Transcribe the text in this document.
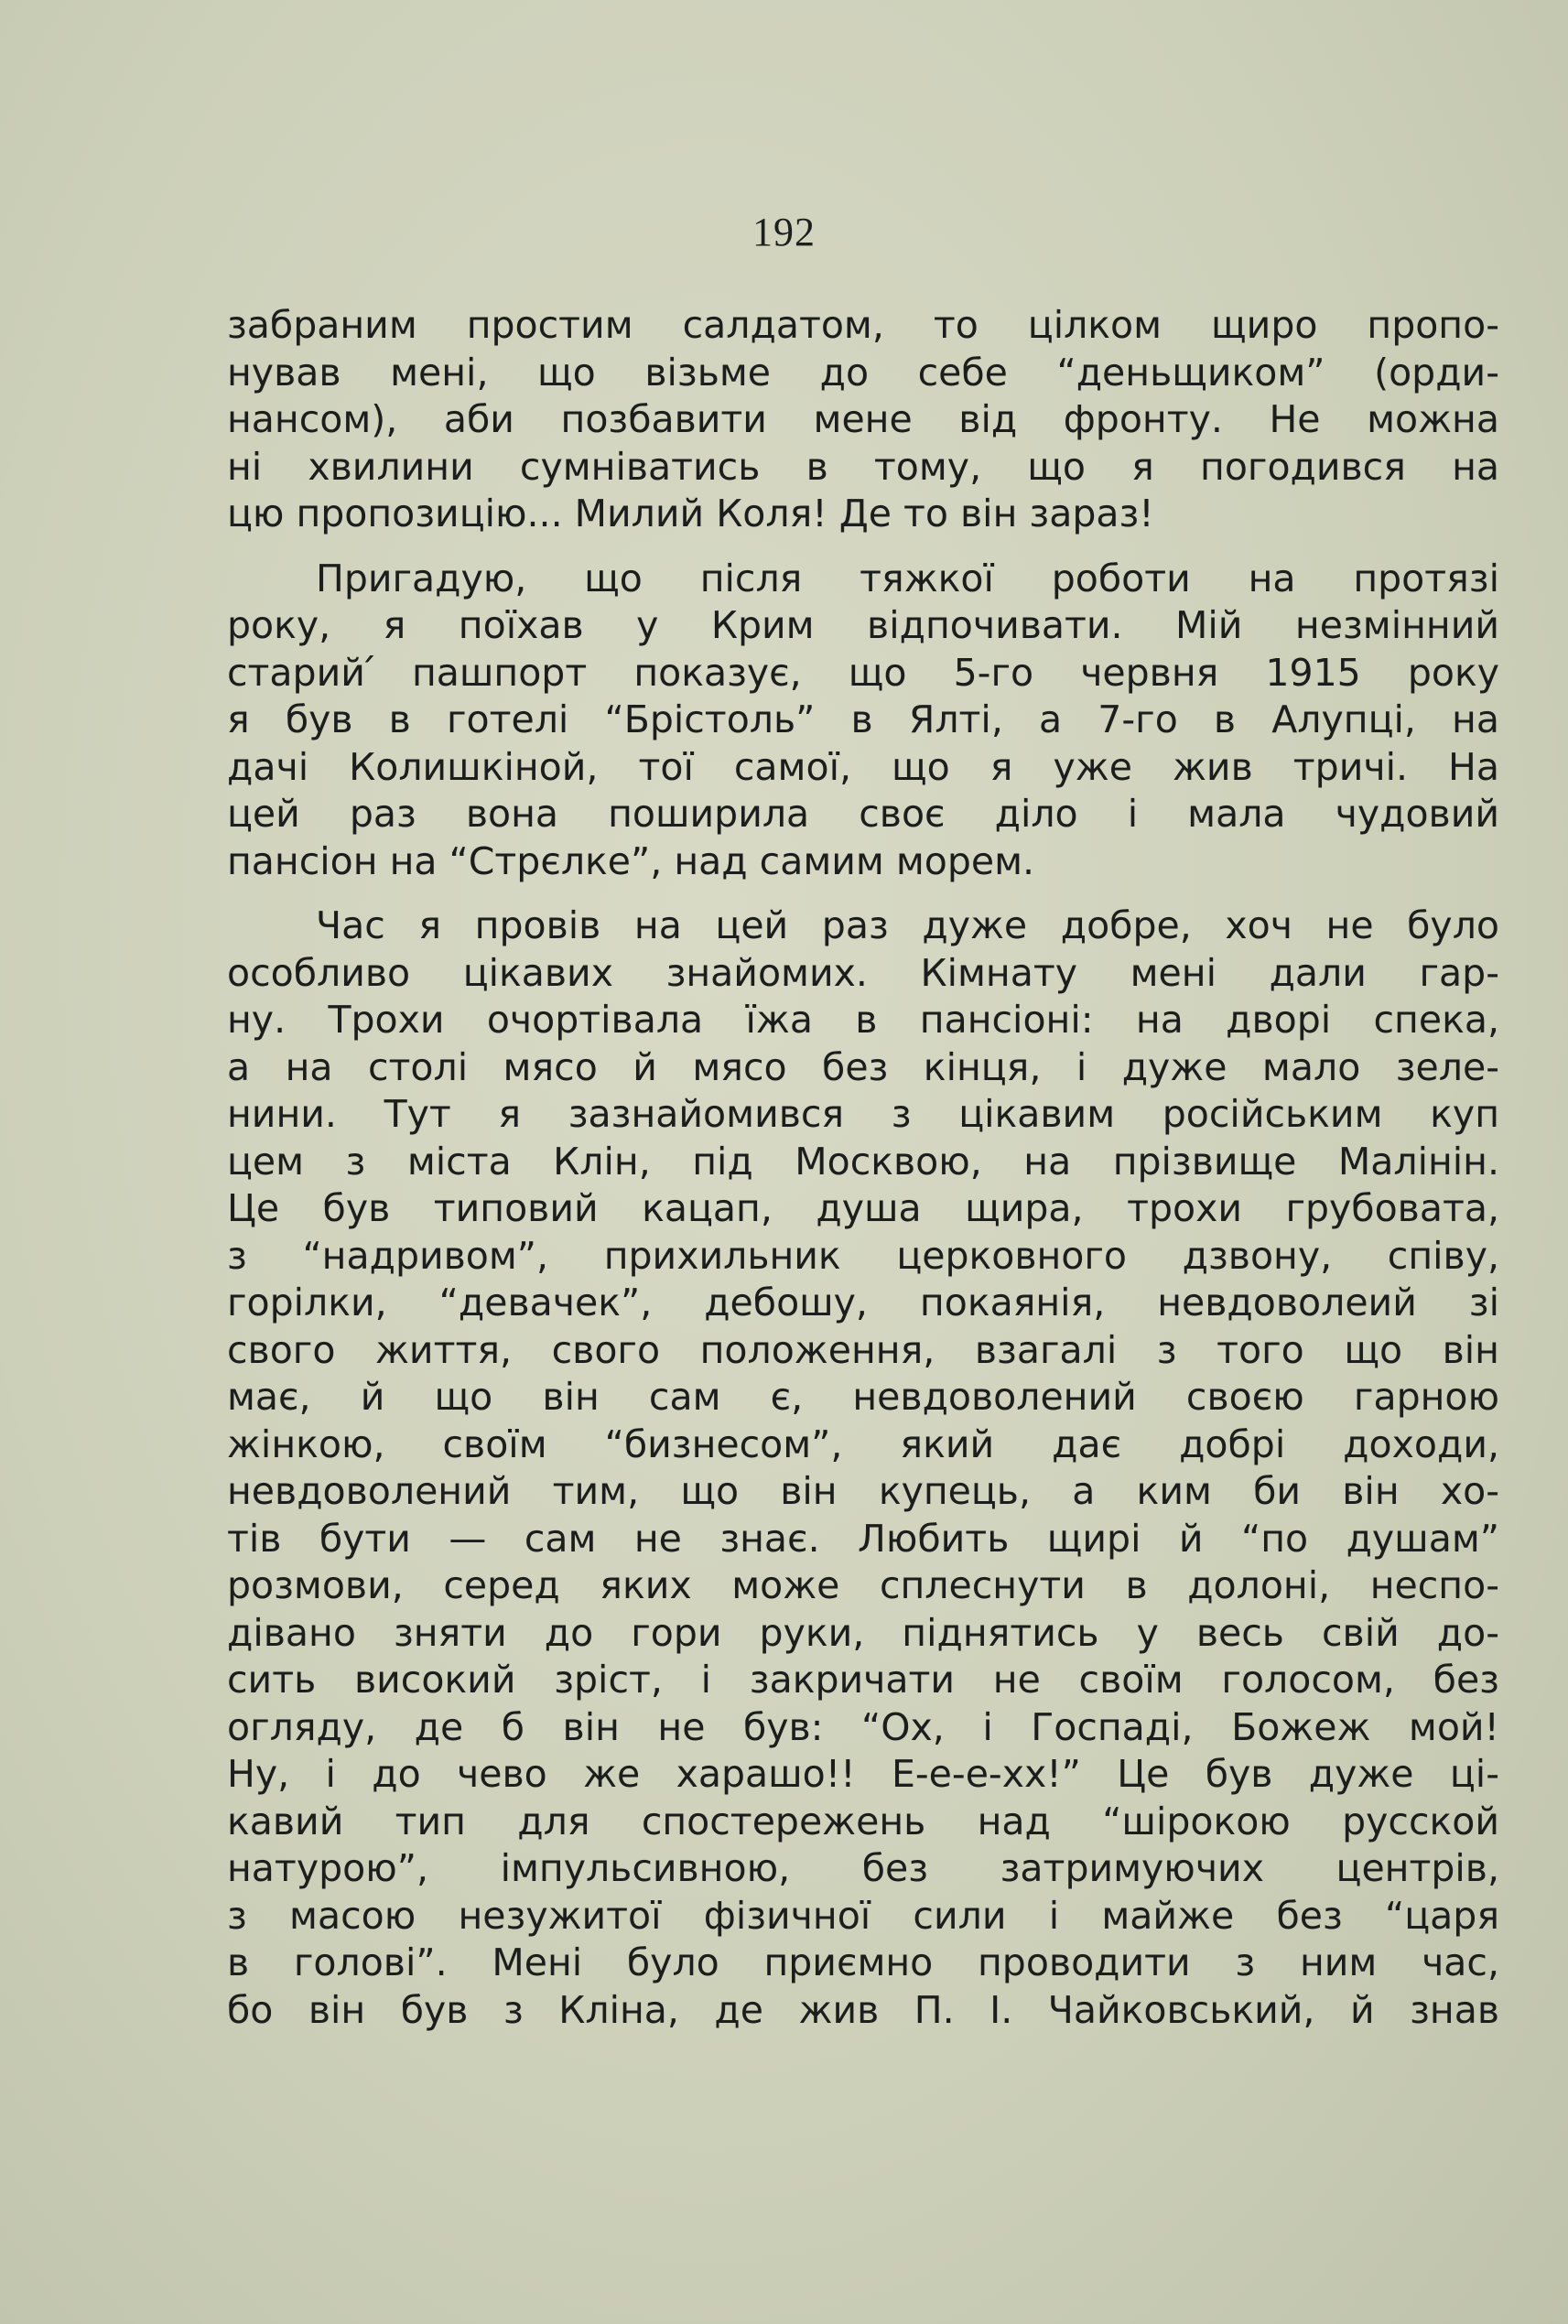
192
забраним простим салдатом, то цілком щиро пропо-
нував мені, що візьме до себе “деньщиком” (орди-
нансом), аби позбавити мене від фронту. Не можна
ні хвилини сумніватись в тому, що я погодився на
цю пропозицію... Милий Коля! Де то він зараз!
Пригадую, що після тяжкої роботи на протязі
року, я поїхав у Крим відпочивати. Мій незмінний
старий ́пашпорт показує, що 5-го червня 1915 року
я був в готелі “Брістоль” в Ялті, а 7-го в Алупці, на
дачі Колишкіной, тої самої, що я уже жив тричі. На
цей раз вона поширила своє діло і мала чудовий
пансіон на “Стрєлке”, над самим морем.
Час я провів на цей раз дуже добре, хоч не було
особливо цікавих знайомих. Кімнату мені дали гар-
ну. Трохи очортівала їжа в пансіоні: на дворі спека,
а на столі мясо й мясо без кінця, і дуже мало зеле-
нини. Тут я зазнайомився з цікавим російським куп
цем з міста Клін, під Москвою, на прізвище Малінін.
Це був типовий кацап, душа щира, трохи грубовата,
з “надривом”, прихильник церковного дзвону, співу,
горілки, “девачек”, дебошу, покаянія, невдоволеий зі
свого життя, свого положення, взагалі з того що він
має, й що він сам є, невдоволений своєю гарною
жінкою, своїм “бизнесом”, який дає добрі доходи,
невдоволений тим, що він купець, а ким би він хо-
тів бути — сам не знає. Любить щирі й “по душам”
розмови, серед яких може сплеснути в долоні, неспо-
дівано зняти до гори руки, піднятись у весь свій до-
сить високий зріст, і закричати не своїм голосом, без
огляду, де б він не був: “Ох, і Госпаді, Божеж мой!
Ну, і до чево же харашо!! Е-е-е-хх!” Це був дуже ці-
кавий тип для спостережень над “шірокою русской
натурою”, імпульсивною, без затримуючих центрів,
з масою незужитої фізичної сили і майже без “царя
в голові”. Мені було приємно проводити з ним час,
бо він був з Кліна, де жив П. І. Чайковський, й знав
